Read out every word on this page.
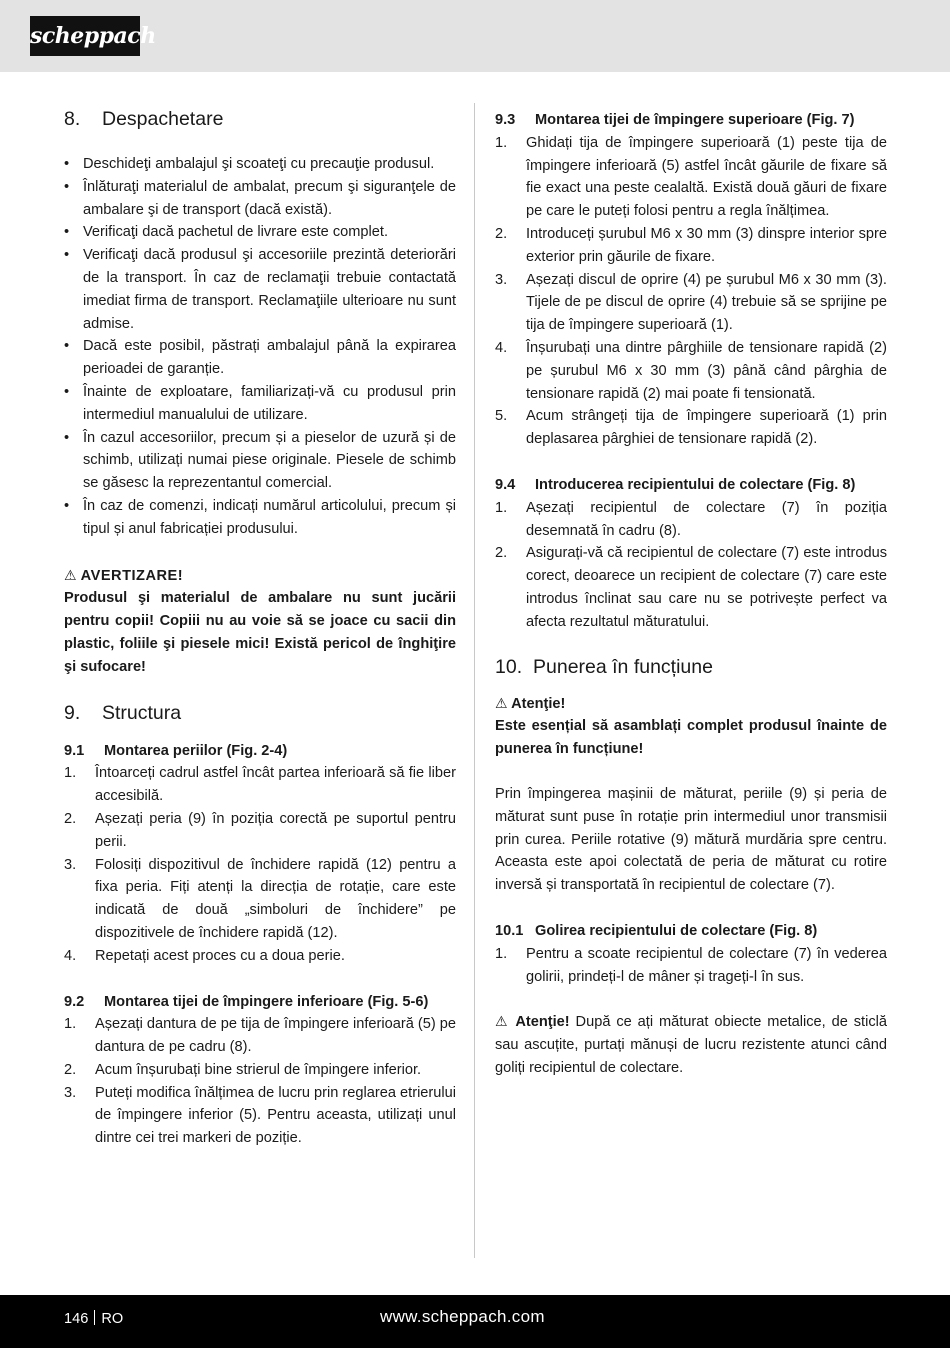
scheppach
8. Despachetare
• Deschideţi ambalajul şi scoateţi cu precauţie produsul.
• Înlăturaţi materialul de ambalat, precum şi siguranţele de ambalare şi de transport (dacă există).
• Verificaţi dacă pachetul de livrare este complet.
• Verificaţi dacă produsul şi accesoriile prezintă deteriorări de la transport. În caz de reclamaţii trebuie contactată imediat firma de transport. Reclamaţiile ulterioare nu sunt admise.
• Dacă este posibil, păstrați ambalajul până la expirarea perioadei de garanție.
• Înainte de exploatare, familiarizați-vă cu produsul prin intermediul manualului de utilizare.
• În cazul accesoriilor, precum și a pieselor de uzură și de schimb, utilizați numai piese originale. Piesele de schimb se găsesc la reprezentantul comercial.
• În caz de comenzi, indicați numărul articolului, precum și tipul și anul fabricației produsului.

⚠ AVERTIZARE!

Produsul şi materialul de ambalare nu sunt jucării pentru copii! Copiii nu au voie să se joace cu sacii din plastic, foliile şi piesele mici! Există pericol de înghiţire şi sufocare!

9. Structura
9.1 Montarea periilor (Fig. 2-4)
1. Întoarceți cadrul astfel încât partea inferioară să fie liber accesibilă.
2. Așezați peria (9) în poziția corectă pe suportul pentru perii.
3. Folosiți dispozitivul de închidere rapidă (12) pentru a fixa peria. Fiți atenți la direcția de rotație, care este indicată de două „simboluri de închidere” pe dispozitivele de închidere rapidă (12).
4. Repetați acest proces cu a doua perie.
9.2	Montarea tijei de împingere inferioare (Fig. 5-6)
1. Așezați dantura de pe tija de împingere inferioară (5) pe dantura de pe cadru (8).
2. Acum înșurubați bine strierul de împingere inferior.
3. Puteți modifica înălțimea de lucru prin reglarea etrierului de împingere inferior (5). Pentru aceasta, utilizați unul dintre cei trei markeri de poziție.
9.3 Montarea tijei de împingere superioare (Fig. 7)
1. Ghidați tija de împingere superioară (1) peste tija de împingere inferioară (5) astfel încât găurile de fixare să fie exact una peste cealaltă. Există două găuri de fixare pe care le puteți folosi pentru a regla înălțimea.
2. Introduceți șurubul M6 x 30 mm (3) dinspre interior spre exterior prin găurile de fixare.
3. Așezați discul de oprire (4) pe șurubul M6 x 30 mm (3). Tijele de pe discul de oprire (4) trebuie să se sprijine pe tija de împingere superioară (1).
4. Înșurubați una dintre pârghiile de tensionare rapidă (2) pe șurubul M6 x 30 mm (3) până când pârghia de tensionare rapidă (2) mai poate fi tensionată.
5. Acum strângeți tija de împingere superioară (1) prin deplasarea pârghiei de tensionare rapidă (2).
9.4 Introducerea recipientului de colectare (Fig. 8)
1. Așezați recipientul de colectare (7) în poziția desemnată în cadru (8).
2. Asigurați-vă că recipientul de colectare (7) este introdus corect, deoarece un recipient de colectare (7) care este introdus înclinat sau care nu se potrivește perfect va afecta rezultatul măturatului.
10. Punerea în funcțiune

⚠ Atenţie!

Este esențial să asamblați complet produsul înainte de punerea în funcțiune!

Prin împingerea mașinii de măturat, periile (9) și peria de măturat sunt puse în rotație prin intermediul unor transmisii prin curea. Periile rotative (9) mătură murdăria spre centru. Aceasta este apoi colectată de peria de măturat cu rotire inversă și transportată în recipientul de colectare (7).

10.1 Golirea recipientului de colectare (Fig. 8)
1. Pentru a scoate recipientul de colectare (7) în vederea golirii, prindeți-l de mâner și trageți-l în sus.

⚠ Atenţie! După ce ați măturat obiecte metalice, de sticlă sau ascuțite, purtați mănuși de lucru rezistente atunci când goliți recipientul de colectare.

146 RO	www.scheppach.com
